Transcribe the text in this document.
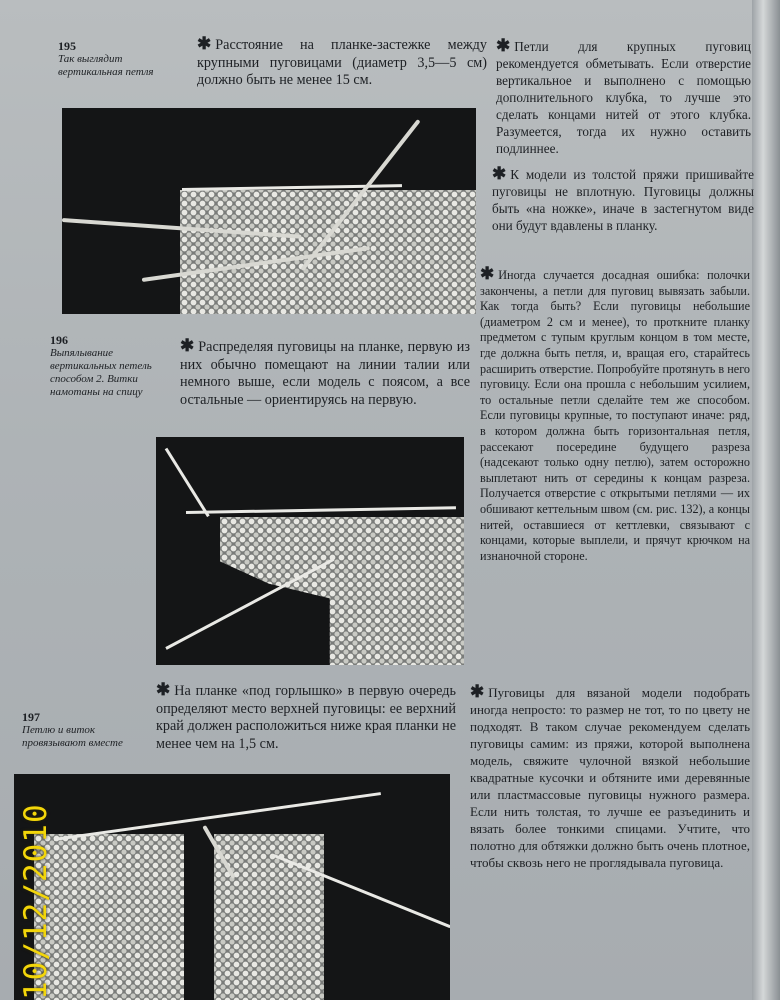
195
Так выглядит вертикальная петля
196
Выпялывание вертикальных петель способом 2. Витки намотаны на спицу
197
Петлю и виток провязывают вместе
✱ Расстояние на планке-застежке между крупными пуговицами (диаметр 3,5—5 см) должно быть не менее 15 см.
✱ Распределяя пуговицы на планке, первую из них обычно помещают на линии талии или немного выше, если модель с поясом, а все остальные — ориентируясь на первую.
✱ На планке «под горлышко» в первую очередь определяют место верхней пуговицы: ее верхний край должен расположиться ниже края планки не менее чем на 1,5 см.
✱ Петли для крупных пуговиц рекомендуется обметывать. Если отверстие вертикальное и выполнено с помощью дополнительного клубка, то лучше это сделать концами нитей от этого клубка. Разумеется, тогда их нужно оставить подлиннее.
✱ К модели из толстой пряжи пришивайте пуговицы не вплотную. Пуговицы должны быть «на ножке», иначе в застегнутом виде они будут вдавлены в планку.
✱ Иногда случается досадная ошибка: полочки закончены, а петли для пуговиц вывязать забыли. Как тогда быть? Если пуговицы небольшие (диаметром 2 см и менее), то проткните планку предметом с тупым круглым концом в том месте, где должна быть петля, и, вращая его, старайтесь расширить отверстие. Попробуйте протянуть в него пуговицу. Если она прошла с небольшим усилием, то остальные петли сделайте тем же способом. Если пуговицы крупные, то поступают иначе: ряд, в котором должна быть горизонтальная петля, рассекают посередине будущего разреза (надсекают только одну петлю), затем осторожно выплетают нить от середины к концам разреза. Получается отверстие с открытыми петлями — их обшивают кеттельным швом (см. рис. 132), а концы нитей, оставшиеся от кеттлевки, связывают с концами, которые выплели, и прячут крючком на изнаночной стороне.
✱ Пуговицы для вязаной модели подобрать иногда непросто: то размер не тот, то по цвету не подходят. В таком случае рекомендуем сделать пуговицы самим: из пряжи, которой выполнена модель, свяжите чулочной вязкой небольшие квадратные кусочки и обтяните ими деревянные или пластмассовые пуговицы нужного размера. Если нить толстая, то лучше ее разъединить и вязать более тонкими спицами. Учтите, что полотно для обтяжки должно быть очень плотное, чтобы сквозь него не проглядывала пуговица.
10/12/2010
